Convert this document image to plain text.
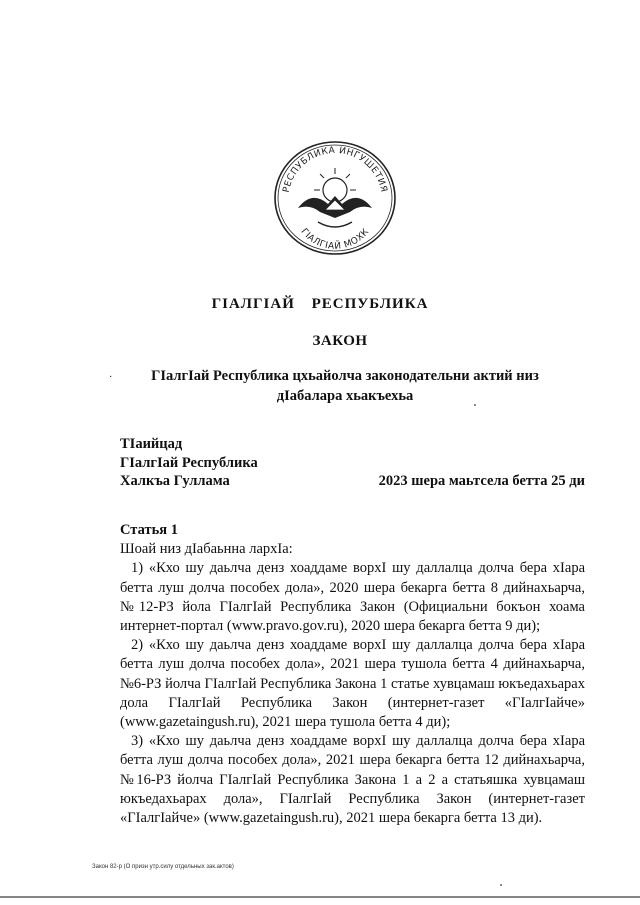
РЕСПУБЛИКА ИНГУШЕТИЯ
ГIАЛГIАЙ МОХК
ГIАЛГIАЙ РЕСПУБЛИКА
ЗАКОН
·	ГIалгIай Республика цхьайолча законодательни актий низ
дIабалара хьакъехьа
ТIаийцад
ГIалгIай Республика
Халкъа Гуллама	2023 шера маьтсела бетта 25 ди
Статья 1

Шоай низ дIабаьнна лархIа:

1) «Кхо шу даьлча денз хоаддаме ворхI шу даллалца долча бера хIара бетта луш долча пособех дола», 2020 шера бекарга бетта 8 дийнахьарча, №12-РЗ йола ГIалгIай Республика Закон (Официальни бокъон хоама интернет-портал (www.pravo.gov.ru), 2020 шера бекарга бетта 9 ди);

2) «Кхо шу даьлча денз хоаддаме ворхI шу даллалца долча бера хIара бетта луш долча пособех дола», 2021 шера тушола бетта 4 дийнахьарча, №6-РЗ йолча ГIалгIай Республика Закона 1 статье хувцамаш юкъедахьарах дола ГIалгIай Республика Закон (интернет-газет «ГIалгIайче» (www.gazetaingush.ru), 2021 шера тушола бетта 4 ди);

3) «Кхо шу даьлча денз хоаддаме ворхI шу даллалца долча бера хIара бетта луш долча пособех дола», 2021 шера бекарга бетта 12 дийнахьарча, №16-РЗ йолча ГIалгIай Республика Закона 1 а 2 а статьяшка хувцамаш юкъедахьарах дола», ГIалгIай Республика Закон (интернет-газет «ГIалгIайче» (www.gazetaingush.ru), 2021 шера бекарга бетта 13 ди).

Закон 82-р (О призн утр.силу отдельных зак.актов)
